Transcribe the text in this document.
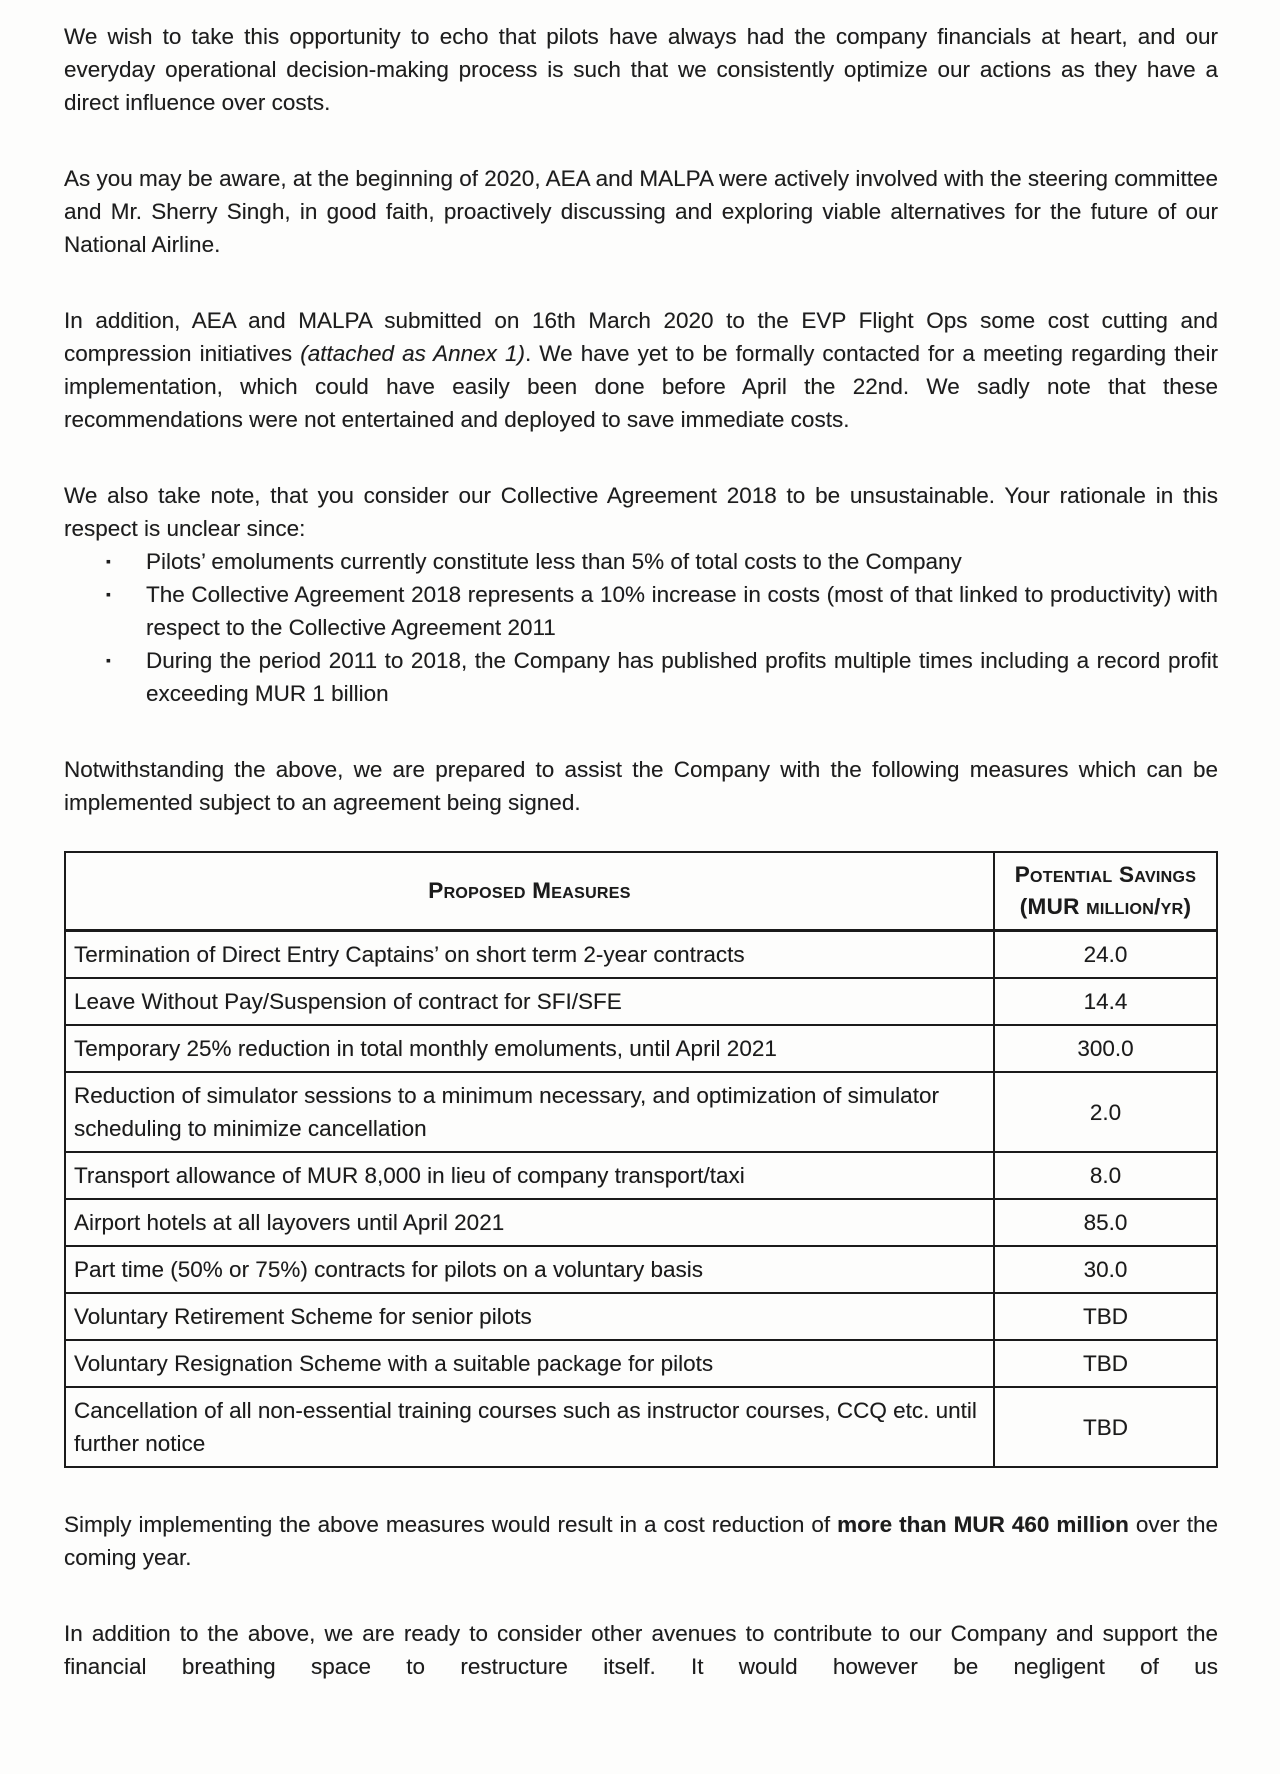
We wish to take this opportunity to echo that pilots have always had the company financials at heart, and our everyday operational decision-making process is such that we consistently optimize our actions as they have a direct influence over costs.

As you may be aware, at the beginning of 2020, AEA and MALPA were actively involved with the steering committee and Mr. Sherry Singh, in good faith, proactively discussing and exploring viable alternatives for the future of our National Airline.

In addition, AEA and MALPA submitted on 16th March 2020 to the EVP Flight Ops some cost cutting and compression initiatives (attached as Annex 1). We have yet to be formally contacted for a meeting regarding their implementation, which could have easily been done before April the 22nd. We sadly note that these recommendations were not entertained and deployed to save immediate costs.

We also take note, that you consider our Collective Agreement 2018 to be unsustainable. Your rationale in this respect is unclear since:

▪	Pilots’ emoluments currently constitute less than 5% of total costs to the Company
▪	The Collective Agreement 2018 represents a 10% increase in costs (most of that linked to productivity) with respect to the Collective Agreement 2011
▪	During the period 2011 to 2018, the Company has published profits multiple times including a record profit exceeding MUR 1 billion

Notwithstanding the above, we are prepared to assist the Company with the following measures which can be implemented subject to an agreement being signed.

Proposed Measures	Potential Savings
(MUR million/yr)

Termination of Direct Entry Captains’ on short term 2-year contracts	24.0
Leave Without Pay/Suspension of contract for SFI/SFE	14.4
Temporary 25% reduction in total monthly emoluments, until April 2021	300.0
Reduction of simulator sessions to a minimum necessary, and optimization of simulator scheduling to minimize cancellation	2.0
Transport allowance of MUR 8,000 in lieu of company transport/taxi	8.0
Airport hotels at all layovers until April 2021	85.0
Part time (50% or 75%) contracts for pilots on a voluntary basis	30.0
Voluntary Retirement Scheme for senior pilots	TBD
Voluntary Resignation Scheme with a suitable package for pilots	TBD
Cancellation of all non-essential training courses such as instructor courses, CCQ etc. until further notice	TBD

Simply implementing the above measures would result in a cost reduction of more than MUR 460 million over the coming year.

In addition to the above, we are ready to consider other avenues to contribute to our Company and support the financial breathing space to restructure itself. It would however be negligent of us
